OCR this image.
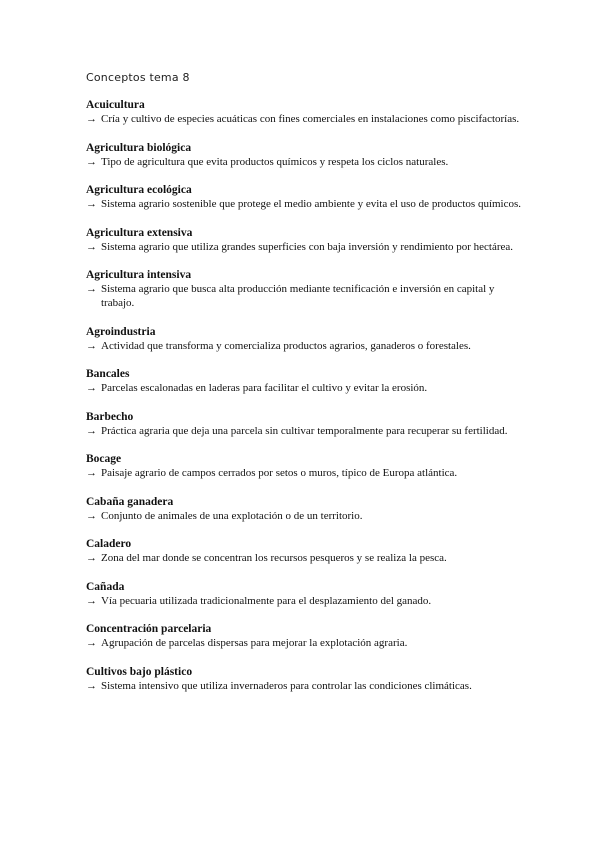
Conceptos tema 8
Acuicultura
→ Cría y cultivo de especies acuáticas con fines comerciales en instalaciones como piscifactorías.
Agricultura biológica
→ Tipo de agricultura que evita productos químicos y respeta los ciclos naturales.
Agricultura ecológica
→ Sistema agrario sostenible que protege el medio ambiente y evita el uso de productos químicos.
Agricultura extensiva
→ Sistema agrario que utiliza grandes superficies con baja inversión y rendimiento por hectárea.
Agricultura intensiva
→ Sistema agrario que busca alta producción mediante tecnificación e inversión en capital y trabajo.
Agroindustria
→ Actividad que transforma y comercializa productos agrarios, ganaderos o forestales.
Bancales
→ Parcelas escalonadas en laderas para facilitar el cultivo y evitar la erosión.
Barbecho
→ Práctica agraria que deja una parcela sin cultivar temporalmente para recuperar su fertilidad.
Bocage
→ Paisaje agrario de campos cerrados por setos o muros, típico de Europa atlántica.
Cabaña ganadera
→ Conjunto de animales de una explotación o de un territorio.
Caladero
→ Zona del mar donde se concentran los recursos pesqueros y se realiza la pesca.
Cañada
→ Vía pecuaria utilizada tradicionalmente para el desplazamiento del ganado.
Concentración parcelaria
→ Agrupación de parcelas dispersas para mejorar la explotación agraria.
Cultivos bajo plástico
→ Sistema intensivo que utiliza invernaderos para controlar las condiciones climáticas.
